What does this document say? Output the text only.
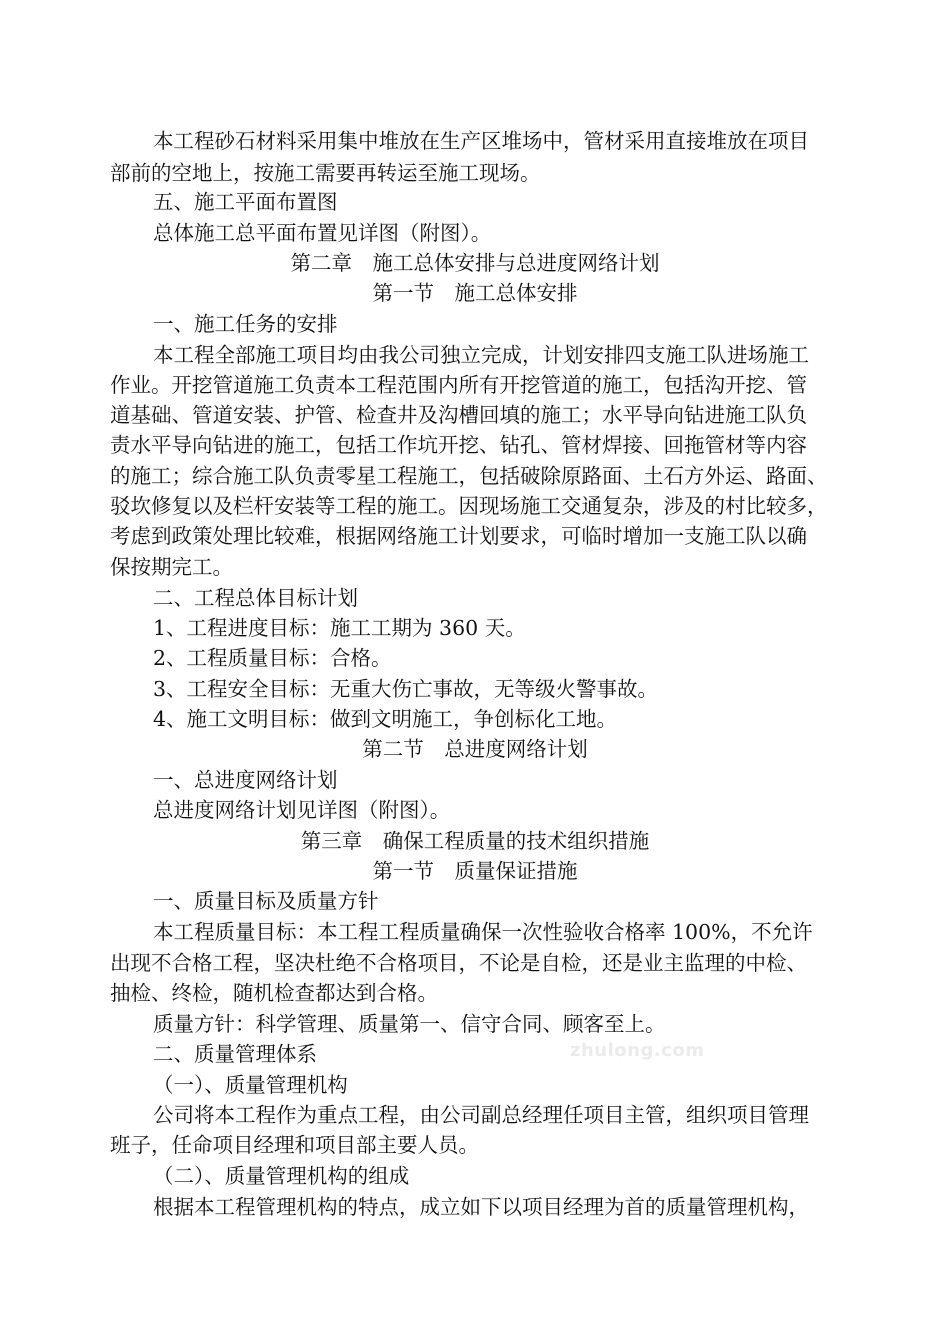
zhulong.com
本工程砂石材料采用集中堆放在生产区堆场中，管材采用直接堆放在项目
部前的空地上，按施工需要再转运至施工现场。
五、施工平面布置图
总体施工总平面布置见详图（附图）。
第二章　施工总体安排与总进度网络计划
第一节　施工总体安排
一、施工任务的安排
本工程全部施工项目均由我公司独立完成，计划安排四支施工队进场施工
作业。开挖管道施工负责本工程范围内所有开挖管道的施工，包括沟开挖、管
道基础、管道安装、护管、检查井及沟槽回填的施工；水平导向钻进施工队负
责水平导向钻进的施工，包括工作坑开挖、钻孔、管材焊接、回拖管材等内容
的施工；综合施工队负责零星工程施工，包括破除原路面、土石方外运、路面、
驳坎修复以及栏杆安装等工程的施工。因现场施工交通复杂，涉及的村比较多，
考虑到政策处理比较难，根据网络施工计划要求，可临时增加一支施工队以确
保按期完工。
二、工程总体目标计划
1、工程进度目标：施工工期为 360 天。
2、工程质量目标：合格。
3、工程安全目标：无重大伤亡事故，无等级火警事故。
4、施工文明目标：做到文明施工，争创标化工地。
第二节　总进度网络计划
一、总进度网络计划
总进度网络计划见详图（附图）。
第三章　确保工程质量的技术组织措施
第一节　质量保证措施
一、质量目标及质量方针
本工程质量目标：本工程工程质量确保一次性验收合格率 100%，不允许
出现不合格工程，坚决杜绝不合格项目，不论是自检，还是业主监理的中检、
抽检、终检，随机检查都达到合格。
质量方针：科学管理、质量第一、信守合同、顾客至上。
二、质量管理体系
（一）、质量管理机构
公司将本工程作为重点工程，由公司副总经理任项目主管，组织项目管理
班子，任命项目经理和项目部主要人员。
（二）、质量管理机构的组成
根据本工程管理机构的特点，成立如下以项目经理为首的质量管理机构，
